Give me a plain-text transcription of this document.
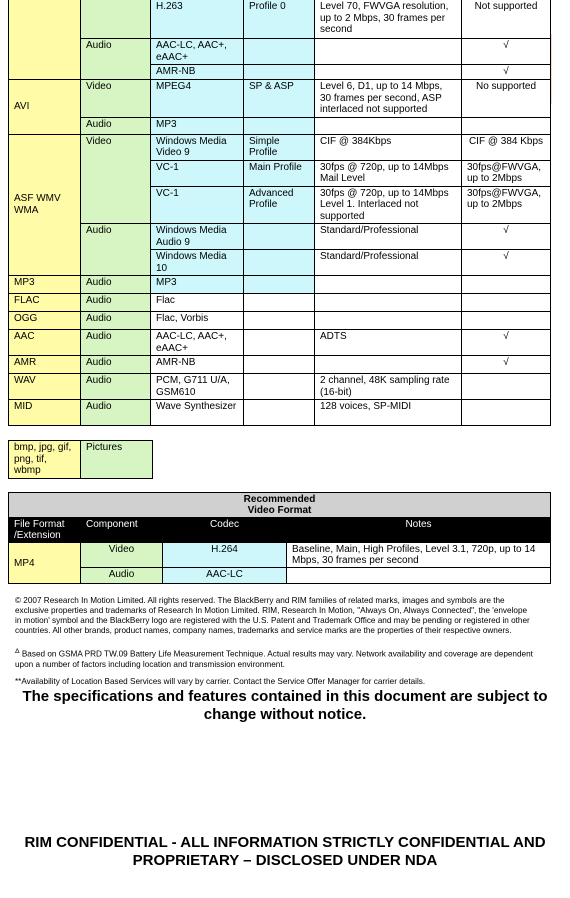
		H.263	Profile 0	Level 70, FWVGA resolution, up to 2 Mbps, 30 frames per second	Not supported
	Audio	AAC-LC, AAC+, eAAC+			√
		AMR-NB			√
AVI	Video	MPEG4	SP & ASP	Level 6, D1, up to 14 Mbps, 30 frames per second, ASP interlaced not supported	No supported
	Audio	MP3			
ASF WMV WMA	Video	Windows Media Video 9	Simple Profile	CIF @ 384Kbps	CIF @ 384 Kbps
		VC-1	Main Profile	30fps @ 720p, up to 14Mbps Mail Level	30fps@FWVGA, up to 2Mbps
		VC-1	Advanced Profile	30fps @ 720p, up to 14Mbps Level 1. Interlaced not supported	30fps@FWVGA, up to 2Mbps
	Audio	Windows Media Audio 9		Standard/Professional	√
		Windows Media 10		Standard/Professional	√
MP3	Audio	MP3			
FLAC	Audio	Flac			
OGG	Audio	Flac, Vorbis			
AAC	Audio	AAC-LC, AAC+, eAAC+		ADTS	√
AMR	Audio	AMR-NB			√
WAV	Audio	PCM, G711 U/A, GSM610		2 channel, 48K sampling rate (16-bit)	
MID	Audio	Wave Synthesizer		128 voices, SP-MIDI	
bmp, jpg, gif, png, tif, wbmp	Pictures
Recommended
Video Format			
File Format /Extension	Component	Codec	Notes
MP4	Video	H.264	Baseline, Main, High Profiles, Level 3.1, 720p, up to 14 Mbps, 30 frames per second
	Audio	AAC-LC	

© 2007 Research In Motion Limited. All rights reserved. The BlackBerry and RIM families of related marks, images and symbols are the exclusive properties and trademarks of Research In Motion Limited. RIM, Research In Motion, "Always On, Always Connected", the 'envelope in motion' symbol and the BlackBerry logo are registered with the U.S. Patent and Trademark Office and may be pending or registered in other countries. All other brands, product names, company names, trademarks and service marks are the properties of their respective owners.

$^\Delta$ Based on GSMA PRD TW.09 Battery Life Measurement Technique. Actual results may vary. Network availability and coverage are dependent upon a number of factors including location and transmission environment.

**Availability of Location Based Services will vary by carrier. Contact the Service Offer Manager for carrier details.

The specifications and features contained in this document are subject to change without notice.

RIM CONFIDENTIAL - ALL INFORMATION STRICTLY CONFIDENTIAL AND PROPRIETARY – DISCLOSED UNDER NDA
